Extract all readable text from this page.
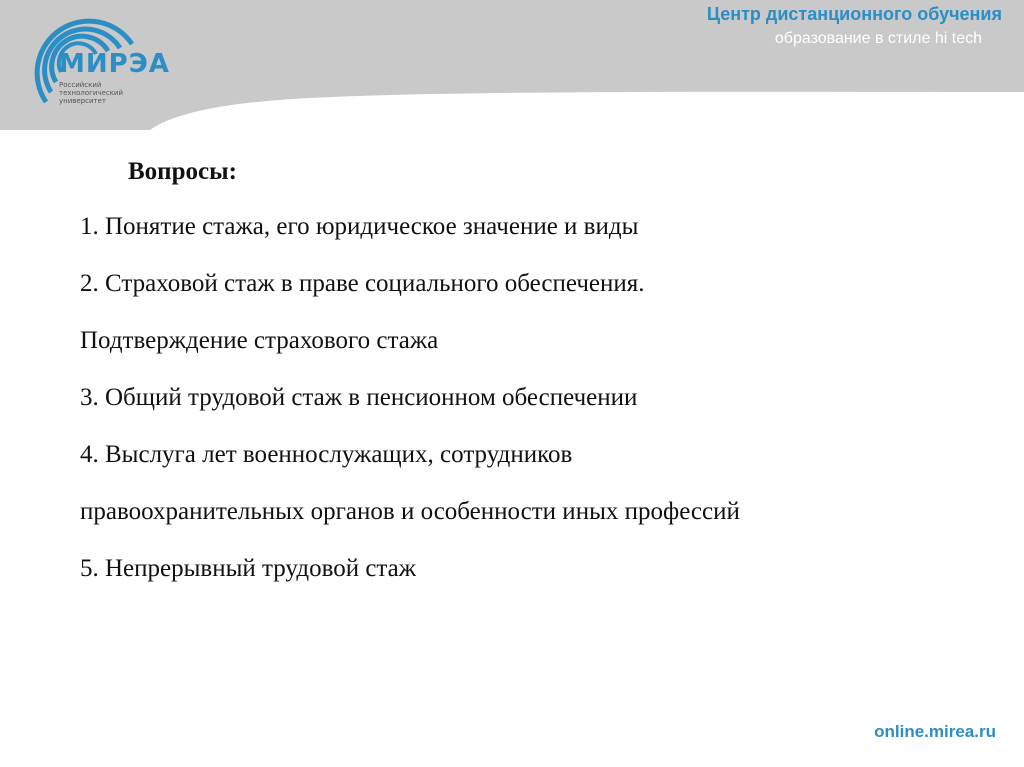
МИРЭА
Российский технологический университет
Центр дистанционного обучения
образование в стиле hi tech
Вопросы:
1. Понятие стажа, его юридическое значение и виды
2. Страховой стаж в праве социального обеспечения.
Подтверждение страхового стажа
3. Общий трудовой стаж в пенсионном обеспечении
4. Выслуга лет военнослужащих, сотрудников
правоохранительных органов и особенности иных профессий
5. Непрерывный трудовой стаж
online.mirea.ru
